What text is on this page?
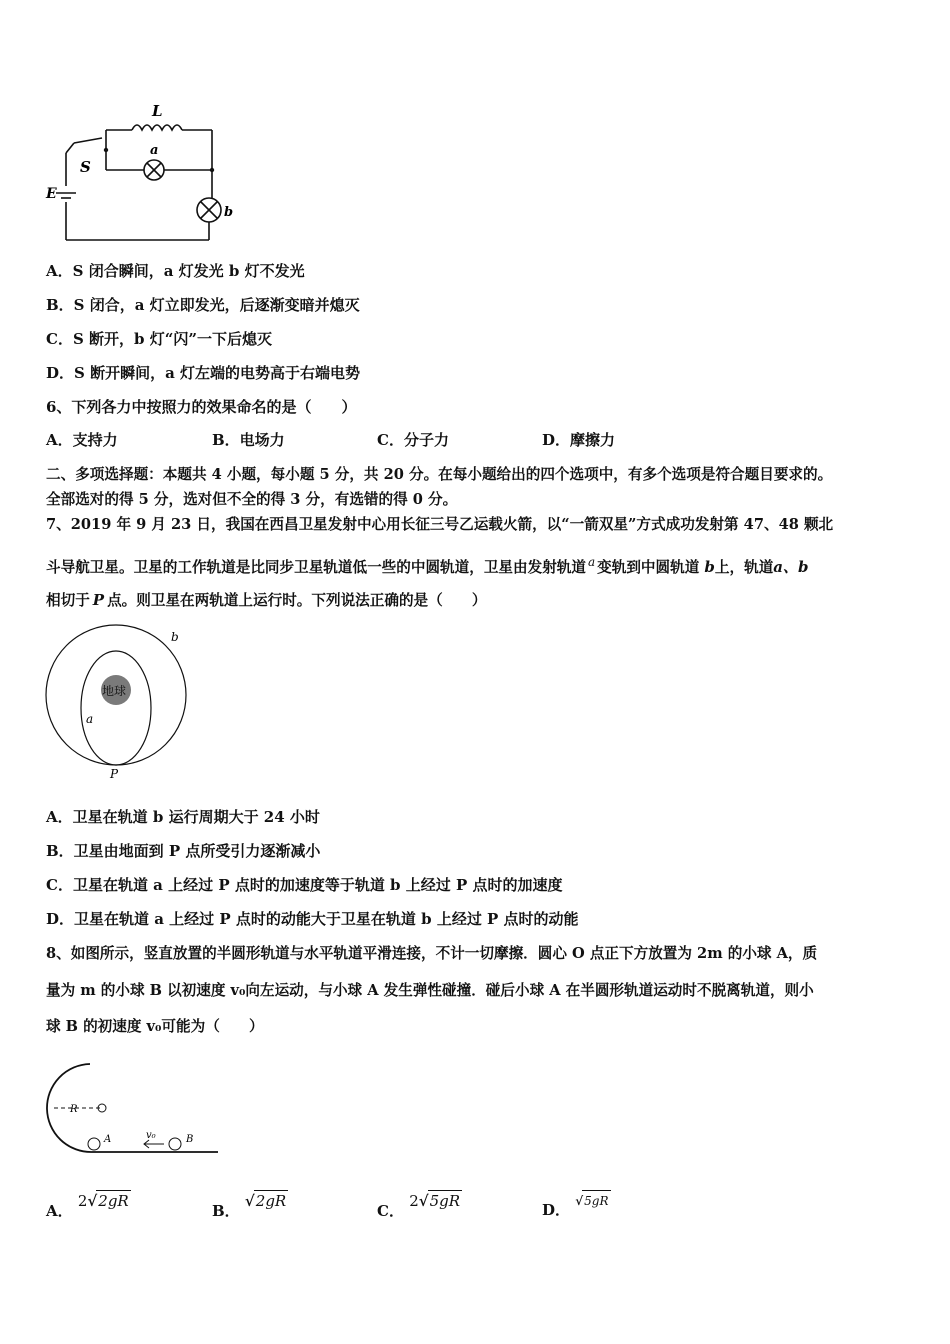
L
S
a
E
b
A．S 闭合瞬间，a 灯发光 b 灯不发光
B．S 闭合，a 灯立即发光，后逐渐变暗并熄灭
C．S 断开，b 灯“闪”一下后熄灭
D．S 断开瞬间，a 灯左端的电势高于右端电势
6、下列各力中按照力的效果命名的是（　　）
A．支持力	B．电场力	C．分子力	D．摩擦力
二、多项选择题：本题共 4 小题，每小题 5 分，共 20 分。在每小题给出的四个选项中，有多个选项是符合题目要求的。
全部选对的得 5 分，选对但不全的得 3 分，有选错的得 0 分。
7、2019 年 9 月 23 日，我国在西昌卫星发射中心用长征三号乙运载火箭，以“一箭双星”方式成功发射第 47、48 颗北
斗导航卫星。卫星的工作轨道是比同步卫星轨道低一些的中圆轨道，卫星由发射轨道 $^a$ 变轨到中圆轨道 b上，轨道a、b
相切于 P 点。则卫星在两轨道上运行时。下列说法正确的是（　　）
地球
a
b
P
A．卫星在轨道 b 运行周期大于 24 小时
B．卫星由地面到 P 点所受引力逐渐减小
C．卫星在轨道 a 上经过 P 点时的加速度等于轨道 b 上经过 P 点时的加速度
D．卫星在轨道 a 上经过 P 点时的动能大于卫星在轨道 b 上经过 P 点时的动能
8、如图所示，竖直放置的半圆形轨道与水平轨道平滑连接，不计一切摩擦．圆心 O 点正下方放置为 2m 的小球 A，质
量为 m 的小球 B 以初速度 v₀向左运动，与小球 A 发生弹性碰撞．碰后小球 A 在半圆形轨道运动时不脱离轨道，则小
球 B 的初速度 v₀可能为（　　）
R
A	v₀	B
A． 2√2gR
B． √2gR
C． 2√5gR	D． √5gR
